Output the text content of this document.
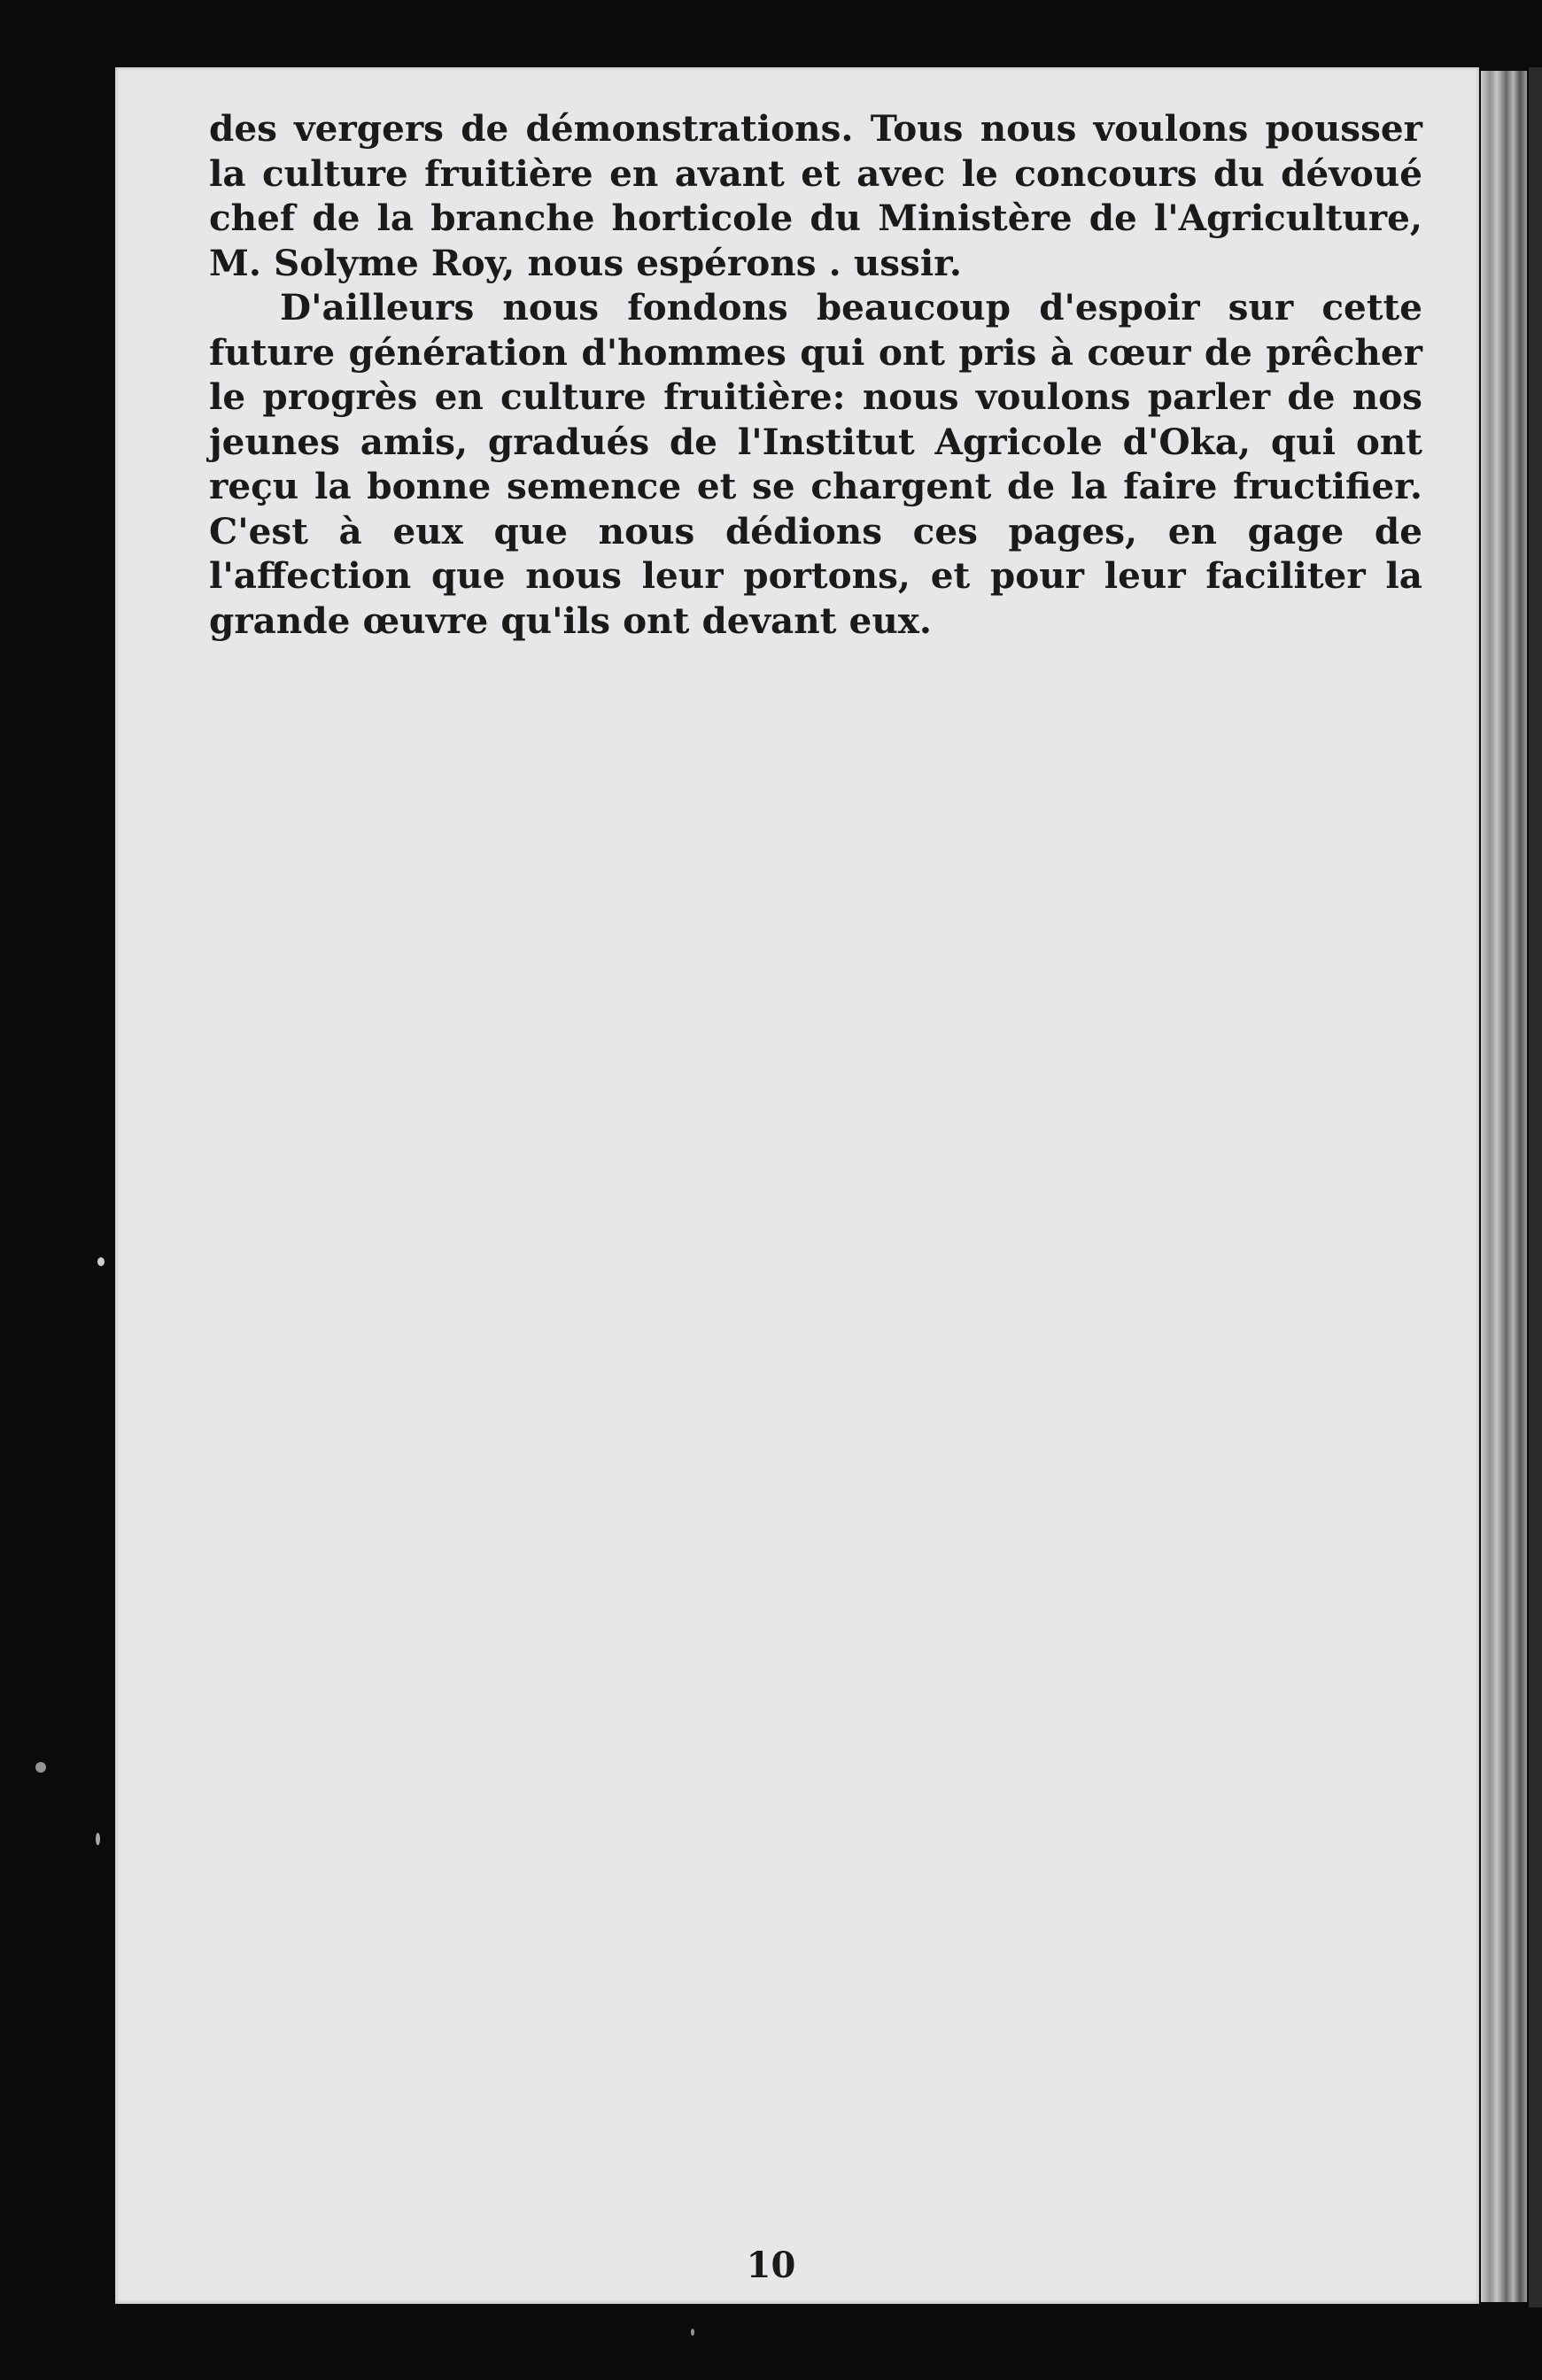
des vergers de démonstrations. Tous nous voulons pousser la culture fruitière en avant et avec le concours du dévoué chef de la branche horticole du Ministère de l'Agriculture, M. Solyme Roy, nous espérons . ussir.

D'ailleurs nous fondons beaucoup d'espoir sur cette future génération d'hommes qui ont pris à cœur de prêcher le progrès en culture fruitière: nous voulons parler de nos jeunes amis, gradués de l'Institut Agricole d'Oka, qui ont reçu la bonne semence et se chargent de la faire fructifier. C'est à eux que nous dédions ces pages, en gage de l'affection que nous leur portons, et pour leur faciliter la grande œuvre qu'ils ont devant eux.

10
